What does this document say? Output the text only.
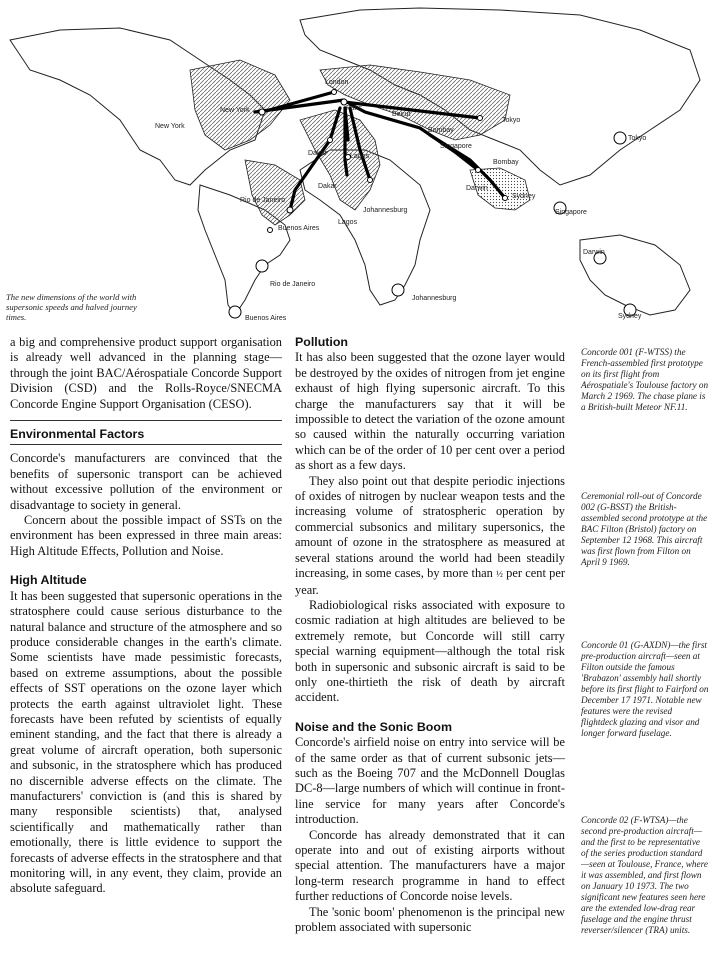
London
Paris
New York
New York
Beirut
Tokyo
Tokyo
Bombay
Bombay
Singapore
Singapore
Dakar
Dakar
Lagos
Lagos
Rio de Janeiro
Rio de Janeiro
Buenos Aires
Buenos Aires
Johannesburg
Johannesburg
Darwin
Darwin
Sydney
Sydney
The new dimensions of the world with supersonic speeds and halved journey times.

a big and comprehensive product support organisation is already well advanced in the planning stage—through the joint BAC/Aérospatiale Concorde Support Division (CSD) and the Rolls-Royce/SNECMA Concorde Engine Support Organisation (CESO).

Environmental Factors

Concorde's manufacturers are convinced that the benefits of supersonic transport can be achieved without excessive pollution of the environment or disadvantage to society in general.

Concern about the possible impact of SSTs on the environment has been expressed in three main areas: High Altitude Effects, Pollution and Noise.

High Altitude

It has been suggested that supersonic operations in the stratosphere could cause serious disturbance to the natural balance and structure of the atmosphere and so produce considerable changes in the earth's climate. Some scientists have made pessimistic forecasts, based on extreme assumptions, about the possible effects of SST operations on the ozone layer which protects the earth against ultraviolet light. These forecasts have been refuted by scientists of equally eminent standing, and the fact that there is already a great volume of aircraft operation, both supersonic and subsonic, in the stratosphere which has produced no discernible adverse effects on the climate. The manufacturers' conviction is (and this is shared by many responsible scientists) that, analysed scientifically and mathematically rather than emotionally, there is little evidence to support the forecasts of adverse effects in the stratosphere and that monitoring will, in any event, they claim, provide an absolute safeguard.

Pollution

It has also been suggested that the ozone layer would be destroyed by the oxides of nitrogen from jet engine exhaust of high flying supersonic aircraft. To this charge the manufacturers say that it will be impossible to detect the variation of the ozone amount so caused within the naturally occurring variation which can be of the order of 10 per cent over a period as short as a few days.

They also point out that despite periodic injections of oxides of nitrogen by nuclear weapon tests and the increasing volume of stratospheric operation by commercial subsonics and military supersonics, the amount of ozone in the stratosphere as measured at several stations around the world had been steadily increasing, in some cases, by more than ½ per cent per year.

Radiobiological risks associated with exposure to cosmic radiation at high altitudes are believed to be extremely remote, but Concorde will still carry special warning equipment—although the total risk both in supersonic and subsonic aircraft is said to be only one-thirtieth the risk of death by aircraft accident.

Noise and the Sonic Boom

Concorde's airfield noise on entry into service will be of the same order as that of current subsonic jets—such as the Boeing 707 and the McDonnell Douglas DC-8—large numbers of which will continue in front-line service for many years after Concorde's introduction.

Concorde has already demonstrated that it can operate into and out of existing airports without special attention. The manufacturers have a major long-term research programme in hand to effect further reductions of Concorde noise levels.

The 'sonic boom' phenomenon is the principal new problem associated with supersonic

Concorde 001 (F-WTSS) the French-assembled first prototype on its first flight from Aérospatiale's Toulouse factory on March 2 1969. The chase plane is a British-built Meteor NF.11.
Ceremonial roll-out of Concorde 002 (G-BSST) the British-assembled second prototype at the BAC Filton (Bristol) factory on September 12 1968. This aircraft was first flown from Filton on April 9 1969.
Concorde 01 (G-AXDN)—the first pre-production aircraft—seen at Filton outside the famous 'Brabazon' assembly hall shortly before its first flight to Fairford on December 17 1971. Notable new features were the revised flightdeck glazing and visor and longer forward fuselage.
Concorde 02 (F-WTSA)—the second pre-production aircraft—and the first to be representative of the series production standard—seen at Toulouse, France, where it was assembled, and first flown on January 10 1973. The two significant new features seen here are the extended low-drag rear fuselage and the engine thrust reverser/silencer (TRA) units.
